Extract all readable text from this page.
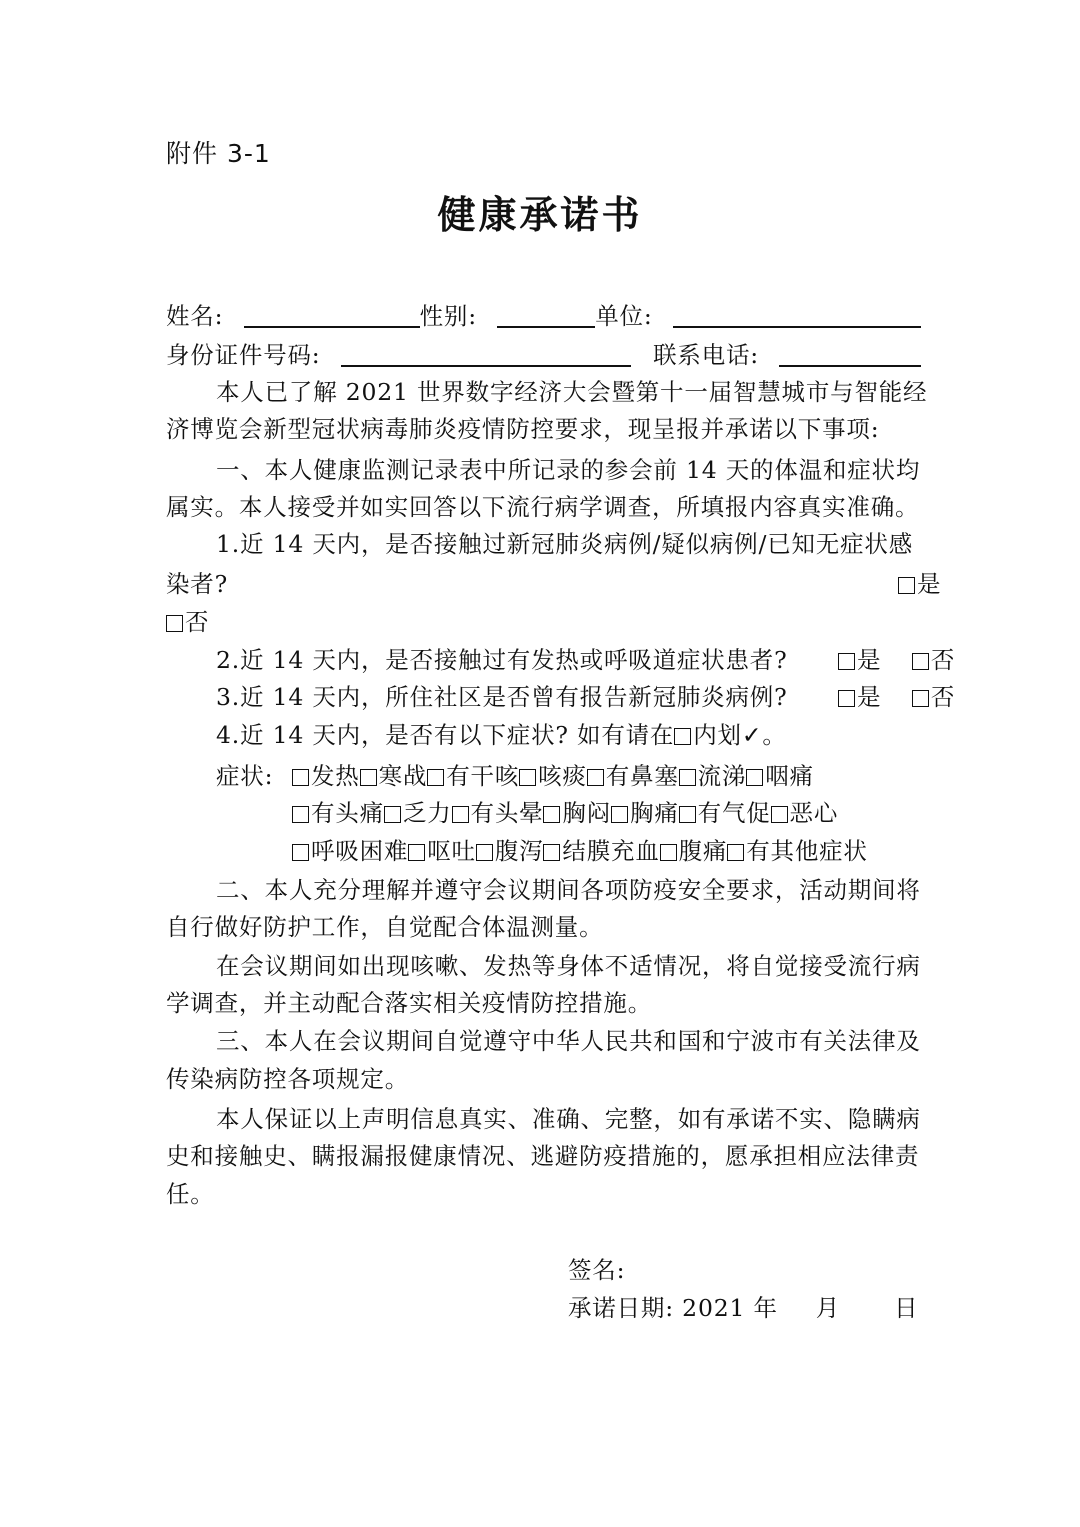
附件 3-1
健康承诺书
姓名:	性别:	单位:
身份证件号码:	联系电话:
本人已了解 2021 世界数字经济大会暨第十一届智慧城市与智能经
济博览会新型冠状病毒肺炎疫情防控要求，现呈报并承诺以下事项:
一、本人健康监测记录表中所记录的参会前 14 天的体温和症状均
属实。本人接受并如实回答以下流行病学调查，所填报内容真实准确。
1.近 14 天内，是否接触过新冠肺炎病例/疑似病例/已知无症状感
染者?	是
否
2.近 14 天内，是否接触过有发热或呼吸道症状患者?	是 否
3.近 14 天内，所住社区是否曾有报告新冠肺炎病例?	是 否
4.近 14 天内，是否有以下症状? 如有请在 内划✓。
症状:	发热 寒战 有干咳 咳痰 有鼻塞 流涕 咽痛
有头痛 乏力 有头晕 胸闷 胸痛 有气促 恶心
呼吸困难 呕吐 腹泻 结膜充血 腹痛 有其他症状
二、本人充分理解并遵守会议期间各项防疫安全要求，活动期间将
自行做好防护工作，自觉配合体温测量。
在会议期间如出现咳嗽、发热等身体不适情况，将自觉接受流行病
学调查，并主动配合落实相关疫情防控措施。
三、本人在会议期间自觉遵守中华人民共和国和宁波市有关法律及
传染病防控各项规定。
本人保证以上声明信息真实、准确、完整，如有承诺不实、隐瞒病
史和接触史、瞒报漏报健康情况、逃避防疫措施的，愿承担相应法律责
任。
签名:
承诺日期: 2021 年 月 日
